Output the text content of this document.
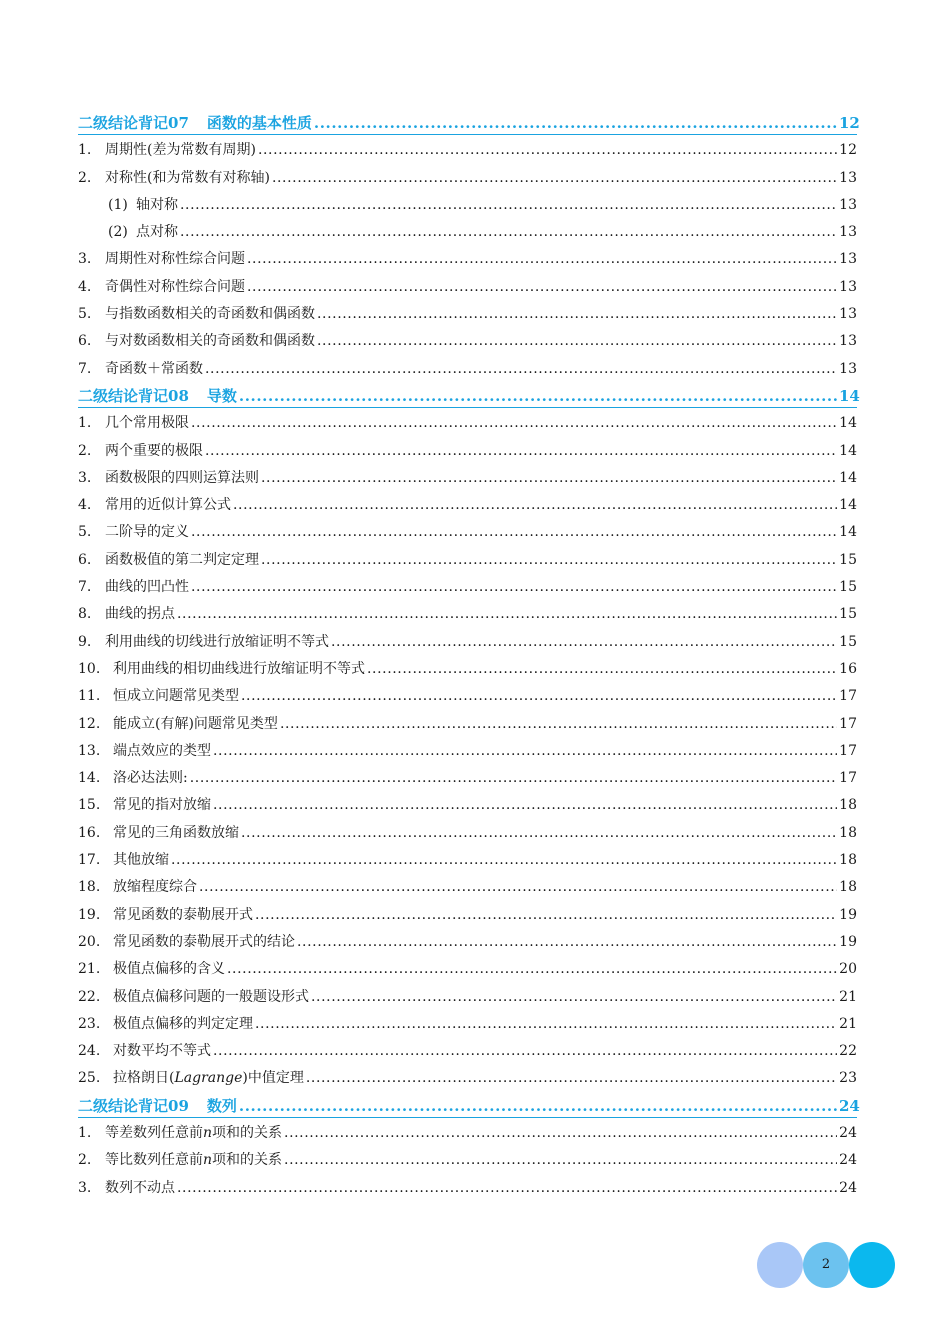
二级结论背记07 函数的基本性质 .....	12
1. 周期性(差为常数有周期) .....	12
2. 对称性(和为常数有对称轴) .....	13
(1) 轴对称 .....	13
(2) 点对称 .....	13
3. 周期性对称性综合问题 .....	13
4. 奇偶性对称性综合问题 .....	13
5. 与指数函数相关的奇函数和偶函数 .....	13
6. 与对数函数相关的奇函数和偶函数 .....	13
7. 奇函数＋常函数 .....	13
二级结论背记08 导数 .....	14
1. 几个常用极限 .....	14
2. 两个重要的极限 .....	14
3. 函数极限的四则运算法则 .....	14
4. 常用的近似计算公式 .....	14
5. 二阶导的定义 .....	14
6. 函数极值的第二判定定理 .....	15
7. 曲线的凹凸性 .....	15
8. 曲线的拐点 .....	15
9. 利用曲线的切线进行放缩证明不等式 .....	15
10. 利用曲线的相切曲线进行放缩证明不等式 .....	16
11. 恒成立问题常见类型 .....	17
12. 能成立(有解)问题常见类型 .....	17
13. 端点效应的类型 .....	17
14. 洛必达法则: .....	17
15. 常见的指对放缩 .....	18
16. 常见的三角函数放缩 .....	18
17. 其他放缩 .....	18
18. 放缩程度综合 .....	18
19. 常见函数的泰勒展开式 .....	19
20. 常见函数的泰勒展开式的结论 .....	19
21. 极值点偏移的含义 .....	20
22. 极值点偏移问题的一般题设形式 .....	21
23. 极值点偏移的判定定理 .....	21
24. 对数平均不等式 .....	22
25. 拉格朗日(Lagrange)中值定理 .....	23
二级结论背记09 数列 .....	24
1. 等差数列任意前n项和的关系 .....	24
2. 等比数列任意前n项和的关系 .....	24
3. 数列不动点 .....	24
2
